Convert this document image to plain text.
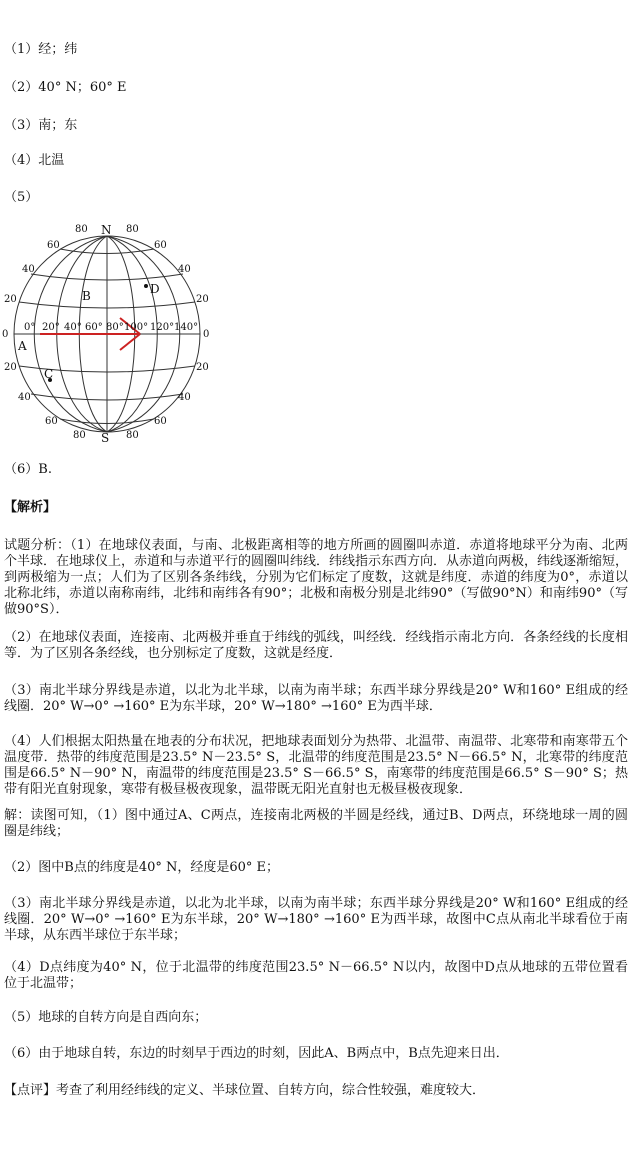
（1）经；纬
（2）40° N；60° E
（3）南；东
（4）北温
（5）
N
S
A
B
C
D
80
60
40
20
0
20
40
60
80
80
60
40
20
0
20
40
60
80
0° 20° 40° 60° 80° 100° 120° 140°
（6）B.
【解析】
试题分析：（1）在地球仪表面，与南、北极距离相等的地方所画的圆圈叫赤道．赤道将地球平分为南、北两个半球．在地球仪上，赤道和与赤道平行的圆圈叫纬线．纬线指示东西方向．从赤道向两极，纬线逐渐缩短，到两极缩为一点；人们为了区别各条纬线，分别为它们标定了度数，这就是纬度．赤道的纬度为0°，赤道以北称北纬，赤道以南称南纬，北纬和南纬各有90°；北极和南极分别是北纬90°（写做90°N）和南纬90°（写做90°S）．
（2）在地球仪表面，连接南、北两极并垂直于纬线的弧线，叫经线．经线指示南北方向．各条经线的长度相等．为了区别各条经线，也分别标定了度数，这就是经度．
（3）南北半球分界线是赤道，以北为北半球，以南为南半球；东西半球分界线是20° W和160° E组成的经线圈．20° W→0° →160° E为东半球，20° W→180° →160° E为西半球．
（4）人们根据太阳热量在地表的分布状况，把地球表面划分为热带、北温带、南温带、北寒带和南寒带五个温度带．热带的纬度范围是23.5° N－23.5° S，北温带的纬度范围是23.5° N－66.5° N，北寒带的纬度范围是66.5° N－90° N，南温带的纬度范围是23.5° S－66.5° S，南寒带的纬度范围是66.5° S－90° S；热带有阳光直射现象，寒带有极昼极夜现象，温带既无阳光直射也无极昼极夜现象．
解：读图可知，（1）图中通过A、C两点，连接南北两极的半圆是经线，通过B、D两点，环绕地球一周的圆圈是纬线；
（2）图中B点的纬度是40° N，经度是60° E；
（3）南北半球分界线是赤道，以北为北半球，以南为南半球；东西半球分界线是20° W和160° E组成的经线圈．20° W→0° →160° E为东半球，20° W→180° →160° E为西半球，故图中C点从南北半球看位于南半球，从东西半球位于东半球；
（4）D点纬度为40° N，位于北温带的纬度范围23.5° N－66.5° N以内，故图中D点从地球的五带位置看位于北温带；
（5）地球的自转方向是自西向东；
（6）由于地球自转，东边的时刻早于西边的时刻，因此A、B两点中，B点先迎来日出．
【点评】考查了利用经纬线的定义、半球位置、自转方向，综合性较强，难度较大．
